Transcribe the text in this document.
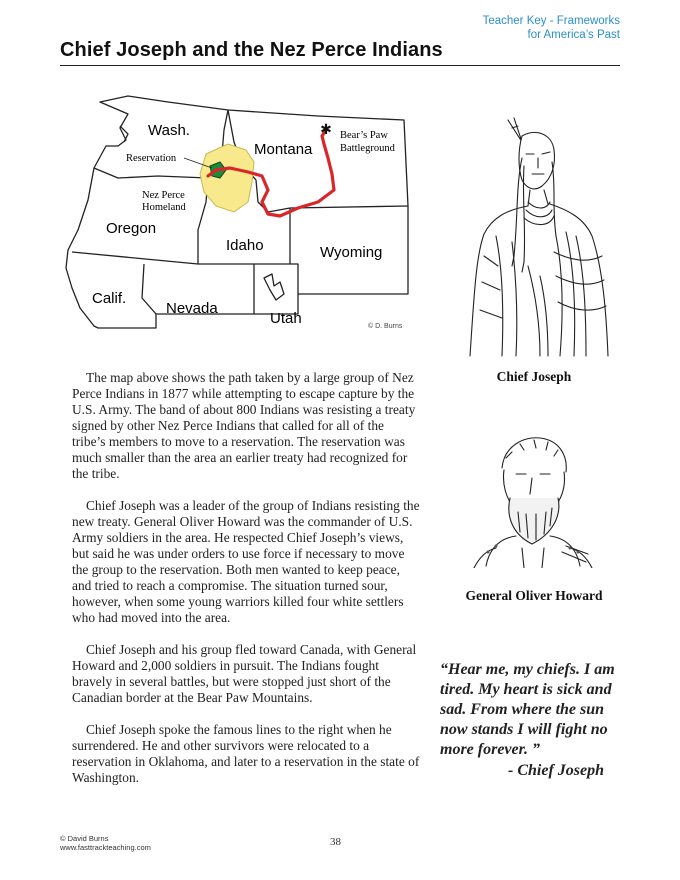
Teacher Key - Frameworks
for America’s Past
Chief Joseph and the Nez Perce Indians
✱
Wash.
Montana
Oregon
Idaho	Wyoming
Calif.
Nevada
Utah
Reservation
Nez Perce
Homeland
Bear’s Paw
Battleground
© D. Burns
Chief Joseph
General Oliver Howard

The map above shows the path taken by a large group of Nez Perce Indians in 1877 while attempting to escape capture by the U.S. Army. The band of about 800 Indians was resisting a treaty signed by other Nez Perce Indians that called for all of the tribe’s members to move to a reservation. The reservation was much smaller than the area an earlier treaty had recognized for the tribe.

Chief Joseph was a leader of the group of Indians resisting the new treaty. General Oliver Howard was the commander of U.S. Army soldiers in the area. He respected Chief Joseph’s views, but said he was under orders to use force if necessary to move the group to the reservation. Both men wanted to keep peace, and tried to reach a compromise. The situation turned sour, however, when some young warriors killed four white settlers who had moved into the area.

Chief Joseph and his group fled toward Canada, with General Howard and 2,000 soldiers in pursuit. The Indians fought bravely in several battles, but were stopped just short of the Canadian border at the Bear Paw Mountains.

Chief Joseph spoke the famous lines to the right when he surrendered. He and other survivors were relocated to a reservation in Oklahoma, and later to a reservation in the state of Washington.

“Hear me, my chiefs. I am tired. My heart is sick and sad. From where the sun now stands I will fight no more forever. ”
- Chief Joseph
© David Burns
www.fasttrackteaching.com	38
